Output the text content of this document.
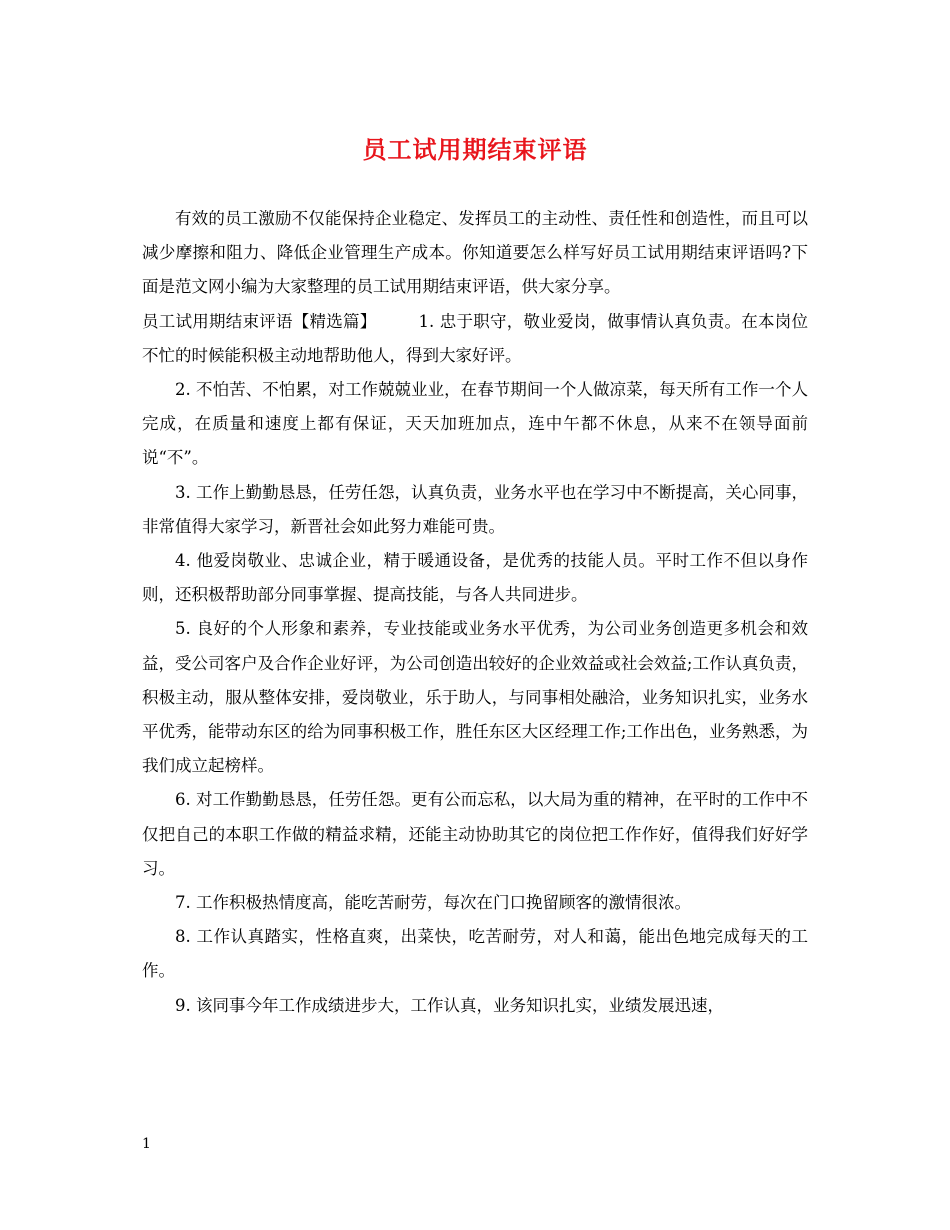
员工试用期结束评语

有效的员工激励不仅能保持企业稳定、发挥员工的主动性、责任性和创造性，而且可以减少摩擦和阻力、降低企业管理生产成本。你知道要怎么样写好员工试用期结束评语吗?下面是范文网小编为大家整理的员工试用期结束评语，供大家分享。

员工试用期结束评语【精选篇】	1. 忠于职守，敬业爱岗，做事情认真负责。在本岗位不忙的时候能积极主动地帮助他人，得到大家好评。

2. 不怕苦、不怕累，对工作兢兢业业，在春节期间一个人做凉菜，每天所有工作一个人完成，在质量和速度上都有保证，天天加班加点，连中午都不休息，从来不在领导面前说“不”。

3. 工作上勤勤恳恳，任劳任怨，认真负责，业务水平也在学习中不断提高，关心同事，非常值得大家学习，新晋社会如此努力难能可贵。

4. 他爱岗敬业、忠诚企业，精于暖通设备，是优秀的技能人员。平时工作不但以身作则，还积极帮助部分同事掌握、提高技能，与各人共同进步。

5. 良好的个人形象和素养，专业技能或业务水平优秀，为公司业务创造更多机会和效益，受公司客户及合作企业好评，为公司创造出较好的企业效益或社会效益;工作认真负责，积极主动，服从整体安排，爱岗敬业，乐于助人，与同事相处融洽，业务知识扎实，业务水平优秀，能带动东区的给为同事积极工作，胜任东区大区经理工作;工作出色，业务熟悉，为我们成立起榜样。

6. 对工作勤勤恳恳，任劳任怨。更有公而忘私，以大局为重的精神，在平时的工作中不仅把自己的本职工作做的精益求精，还能主动协助其它的岗位把工作作好，值得我们好好学习。

7. 工作积极热情度高，能吃苦耐劳，每次在门口挽留顾客的激情很浓。

8. 工作认真踏实，性格直爽，出菜快，吃苦耐劳，对人和蔼，能出色地完成每天的工作。

9. 该同事今年工作成绩进步大，工作认真，业务知识扎实，业绩发展迅速，

1
